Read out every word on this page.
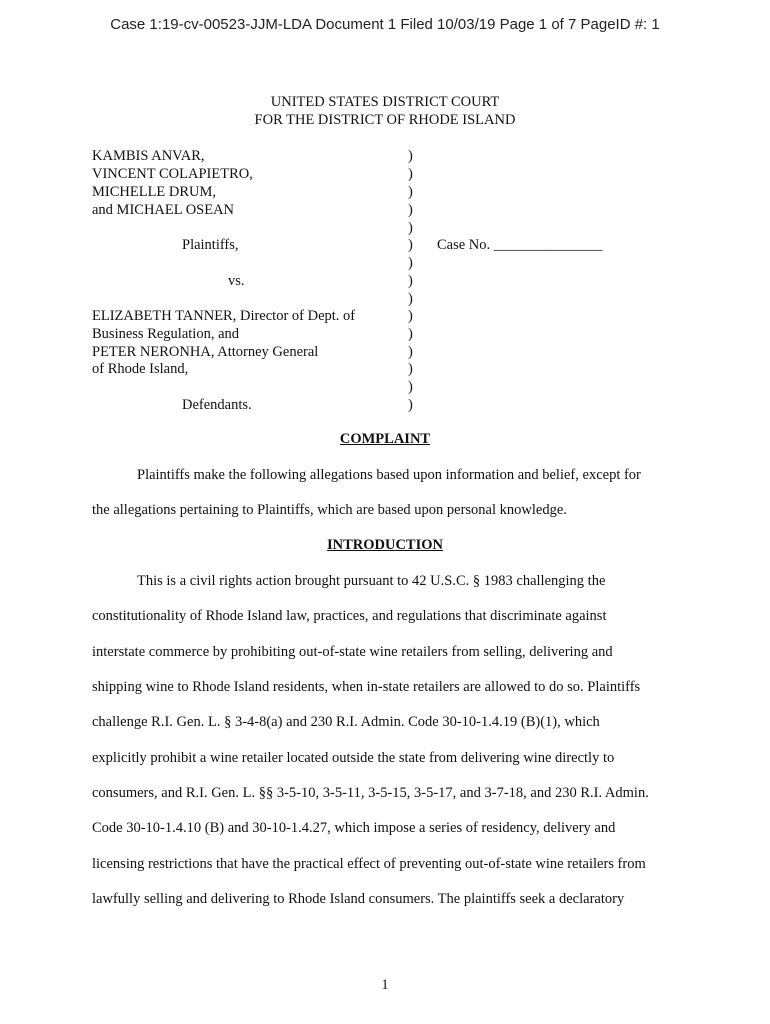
Case 1:19-cv-00523-JJM-LDA Document 1 Filed 10/03/19 Page 1 of 7 PageID #: 1
UNITED STATES DISTRICT COURT
FOR THE DISTRICT OF RHODE ISLAND
KAMBIS ANVAR,
VINCENT COLAPIETRO,
MICHELLE DRUM,
and MICHAEL OSEAN
Plaintiffs,
vs.
ELIZABETH TANNER, Director of Dept. of
Business Regulation, and
PETER NERONHA, Attorney General
of Rhode Island,
Defendants.
)
)
)
)
)
)
)
)
)
)
)
)
)
)
)
Case No. _______________
COMPLAINT
Plaintiffs make the following allegations based upon information and belief, except for
the allegations pertaining to Plaintiffs, which are based upon personal knowledge.
INTRODUCTION
This is a civil rights action brought pursuant to 42 U.S.C. § 1983 challenging the
constitutionality of Rhode Island law, practices, and regulations that discriminate against
interstate commerce by prohibiting out-of-state wine retailers from selling, delivering and
shipping wine to Rhode Island residents, when in-state retailers are allowed to do so. Plaintiffs
challenge R.I. Gen. L. § 3-4-8(a) and 230 R.I. Admin. Code 30-10-1.4.19 (B)(1), which
explicitly prohibit a wine retailer located outside the state from delivering wine directly to
consumers, and R.I. Gen. L. §§ 3-5-10, 3-5-11, 3-5-15, 3-5-17, and 3-7-18, and 230 R.I. Admin.
Code 30-10-1.4.10 (B) and 30-10-1.4.27, which impose a series of residency, delivery and
licensing restrictions that have the practical effect of preventing out-of-state wine retailers from
lawfully selling and delivering to Rhode Island consumers. The plaintiffs seek a declaratory
1
